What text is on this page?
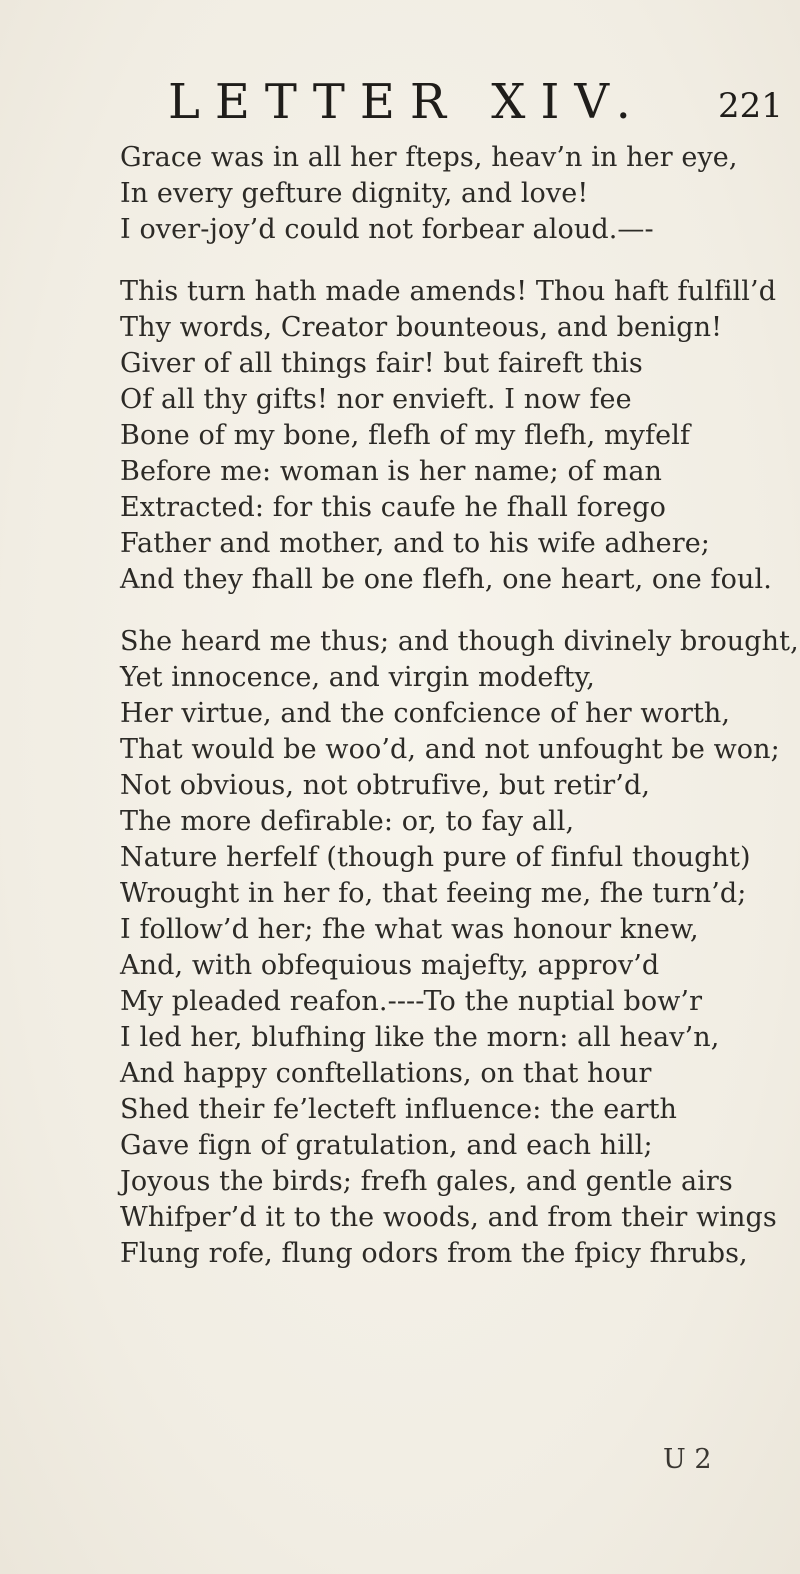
LETTER XIV. 221
Grace was in all her fteps, heav’n in her eye,
In every gefture dignity, and love!
I over-joy’d could not forbear aloud.—-
This turn hath made amends! Thou haft fulfill’d
Thy words, Creator bounteous, and benign!
Giver of all things fair! but faireft this
Of all thy gifts! nor envieft. I now fee
Bone of my bone, flefh of my flefh, myfelf
Before me: woman is her name; of man
Extracted: for this caufe he fhall forego
Father and mother, and to his wife adhere;
And they fhall be one flefh, one heart, one foul.
She heard me thus; and though divinely brought,
Yet innocence, and virgin modefty,
Her virtue, and the confcience of her worth,
That would be woo’d, and not unfought be won;
Not obvious, not obtrufive, but retir’d,
The more defirable: or, to fay all,
Nature herfelf (though pure of finful thought)
Wrought in her fo, that feeing me, fhe turn’d;
I follow’d her; fhe what was honour knew,
And, with obfequious majefty, approv’d
My pleaded reafon.----To the nuptial bow’r
I led her, blufhing like the morn: all heav’n,
And happy conftellations, on that hour
Shed their fe’lecteft influence: the earth
Gave fign of gratulation, and each hill;
Joyous the birds; frefh gales, and gentle airs
Whifper’d it to the woods, and from their wings
Flung rofe, flung odors from the fpicy fhrubs,
U 2
